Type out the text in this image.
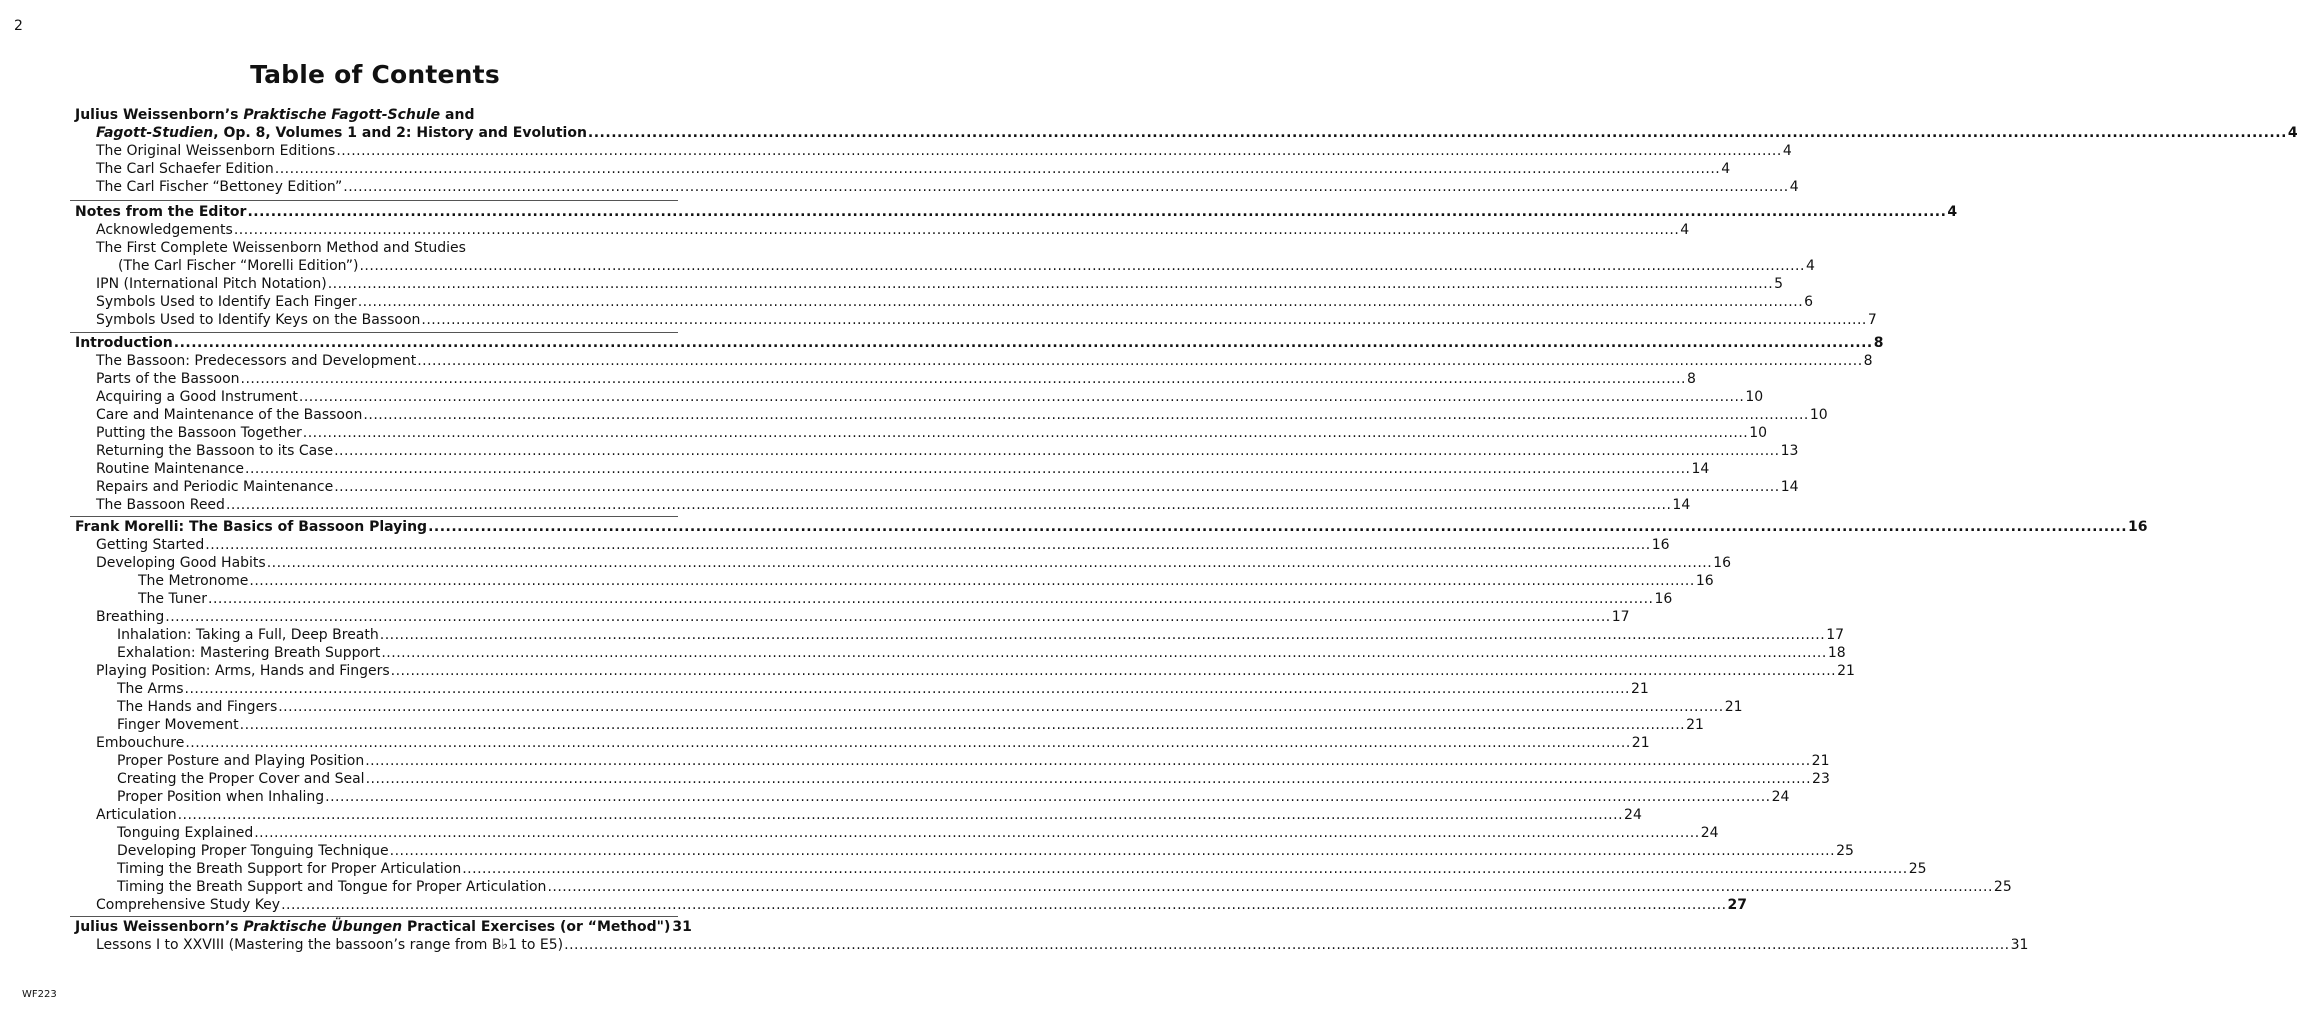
2
Table of Contents
Julius Weissenborn’s Praktische Fagott-Schule and
Fagott-Studien, Op. 8, Volumes 1 and 2: History and Evolution .....	4
The Original Weissenborn Editions .....	4
The Carl Schaefer Edition .....	4
The Carl Fischer “Bettoney Edition” .....	4
Notes from the Editor .....	4
Acknowledgements .....	4
The First Complete Weissenborn Method and Studies
(The Carl Fischer “Morelli Edition”) .....	4
IPN (International Pitch Notation) .....	5
Symbols Used to Identify Each Finger .....	6
Symbols Used to Identify Keys on the Bassoon .....	7
Introduction .....	8
The Bassoon: Predecessors and Development .....	8
Parts of the Bassoon .....	8
Acquiring a Good Instrument .....	10
Care and Maintenance of the Bassoon .....	10
Putting the Bassoon Together .....	10
Returning the Bassoon to its Case .....	13
Routine Maintenance .....	14
Repairs and Periodic Maintenance .....	14
The Bassoon Reed .....	14
Frank Morelli: The Basics of Bassoon Playing .....	16
Getting Started .....	16
Developing Good Habits .....	16
The Metronome .....	16
The Tuner .....	16
Breathing .....	17
Inhalation: Taking a Full, Deep Breath .....	17
Exhalation: Mastering Breath Support .....	18
Playing Position: Arms, Hands and Fingers .....	21
The Arms .....	21
The Hands and Fingers .....	21
Finger Movement .....	21
Embouchure .....	21
Proper Posture and Playing Position .....	21
Creating the Proper Cover and Seal .....	23
Proper Position when Inhaling .....	24
Articulation .....	24
Tonguing Explained .....	24
Developing Proper Tonguing Technique .....	25
Timing the Breath Support for Proper Articulation .....	25
Timing the Breath Support and Tongue for Proper Articulation .....	25
Comprehensive Study Key .....	27
Julius Weissenborn’s Praktische Übungen Practical Exercises (or “Method") 31
Lessons I to XXVIII (Mastering the bassoon’s range from B♭1 to E5) .....	31
WF223
